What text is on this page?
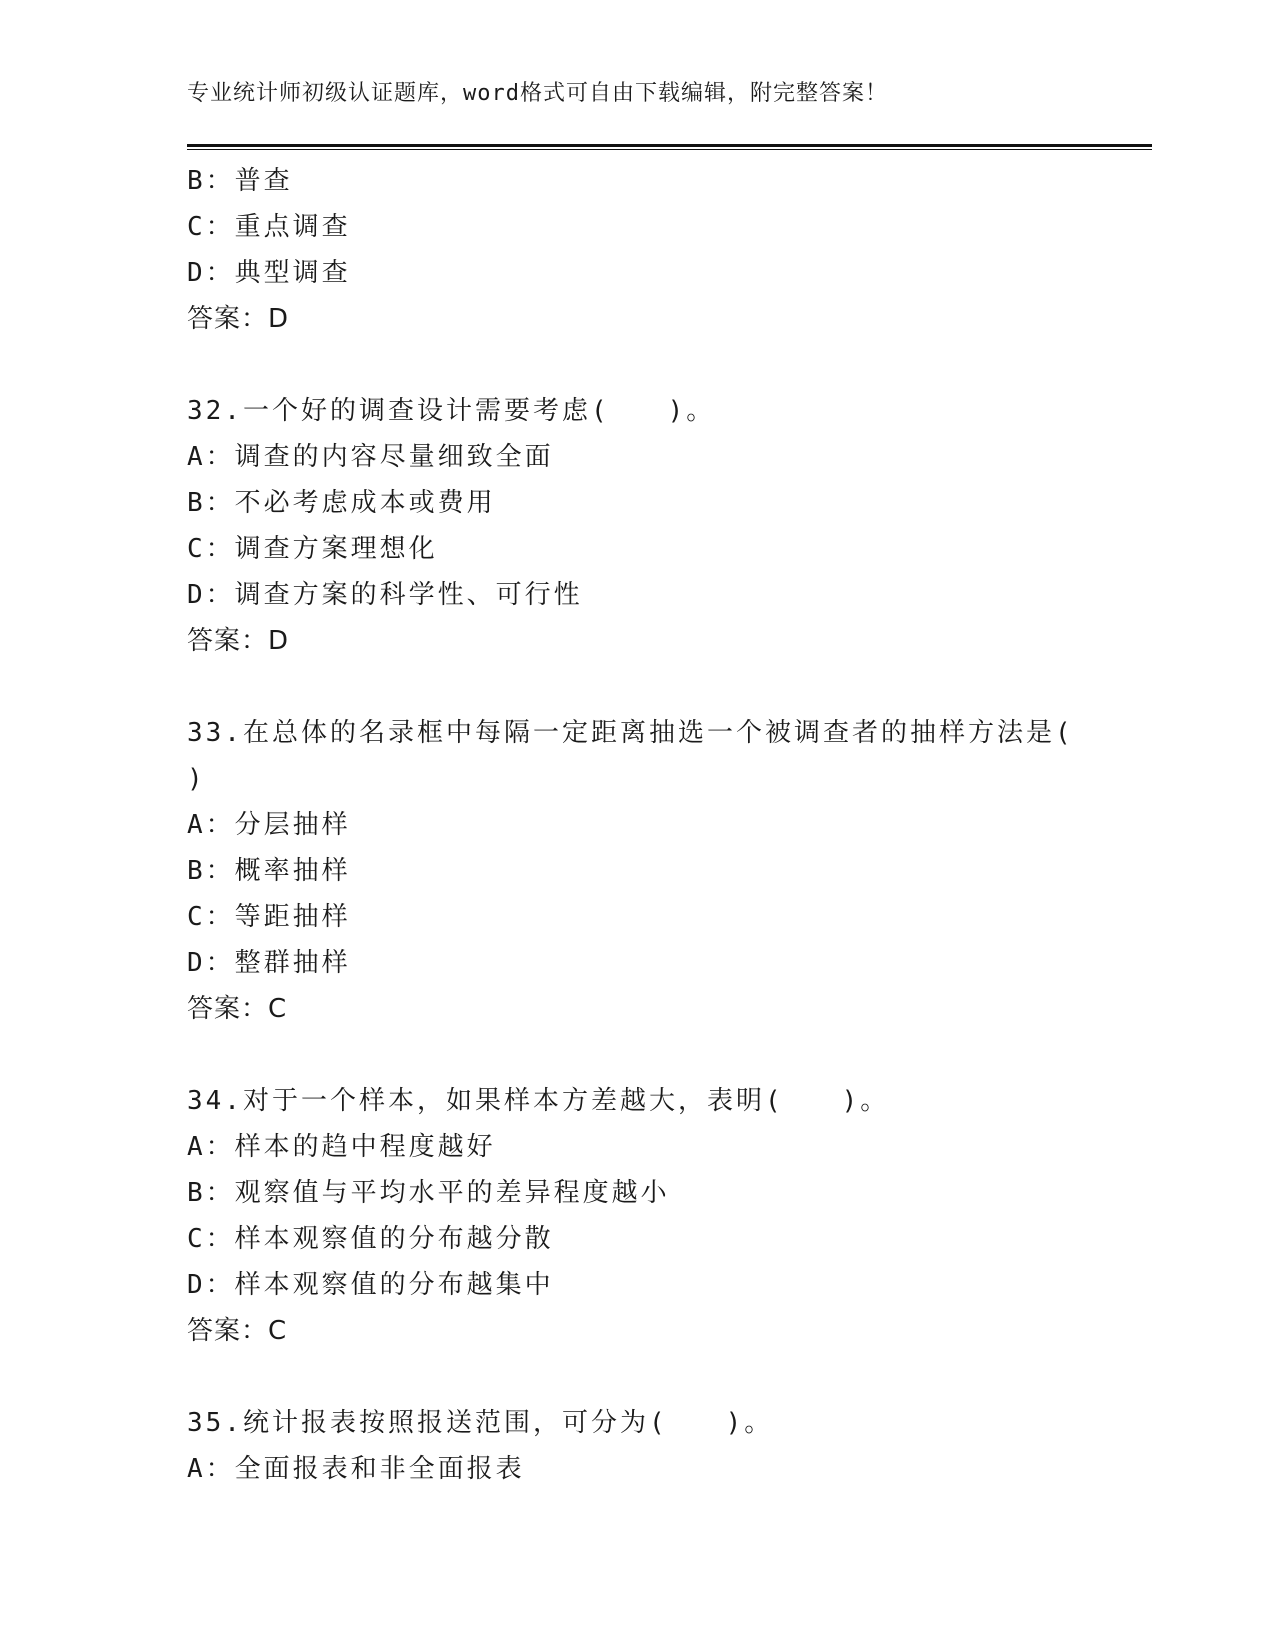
专业统计师初级认证题库，word格式可自由下载编辑，附完整答案！
B：普查
C：重点调查
D：典型调查
答案：D
32.一个好的调查设计需要考虑(　　)。
A：调查的内容尽量细致全面
B：不必考虑成本或费用
C：调查方案理想化
D：调查方案的科学性、可行性
答案：D
33.在总体的名录框中每隔一定距离抽选一个被调查者的抽样方法是(
)
A：分层抽样
B：概率抽样
C：等距抽样
D：整群抽样
答案：C
34.对于一个样本，如果样本方差越大，表明(　　)。
A：样本的趋中程度越好
B：观察值与平均水平的差异程度越小
C：样本观察值的分布越分散
D：样本观察值的分布越集中
答案：C
35.统计报表按照报送范围，可分为(　　)。
A：全面报表和非全面报表
